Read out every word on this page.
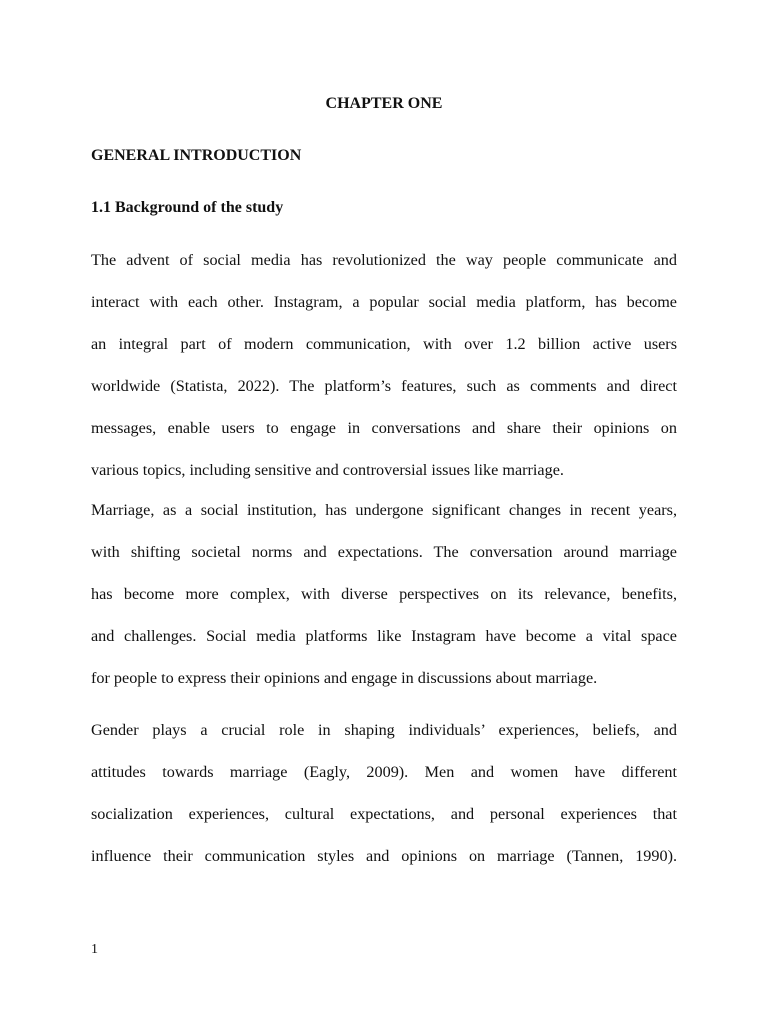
CHAPTER ONE
GENERAL INTRODUCTION
1.1 Background of the study
The advent of social media has revolutionized the way people communicate and
interact with each other. Instagram, a popular social media platform, has become
an integral part of modern communication, with over 1.2 billion active users
worldwide (Statista, 2022). The platform’s features, such as comments and direct
messages, enable users to engage in conversations and share their opinions on
various topics, including sensitive and controversial issues like marriage.
Marriage, as a social institution, has undergone significant changes in recent years,
with shifting societal norms and expectations. The conversation around marriage
has become more complex, with diverse perspectives on its relevance, benefits,
and challenges. Social media platforms like Instagram have become a vital space
for people to express their opinions and engage in discussions about marriage.
Gender plays a crucial role in shaping individuals’ experiences, beliefs, and
attitudes towards marriage (Eagly, 2009). Men and women have different
socialization experiences, cultural expectations, and personal experiences that
influence their communication styles and opinions on marriage (Tannen, 1990).
1
